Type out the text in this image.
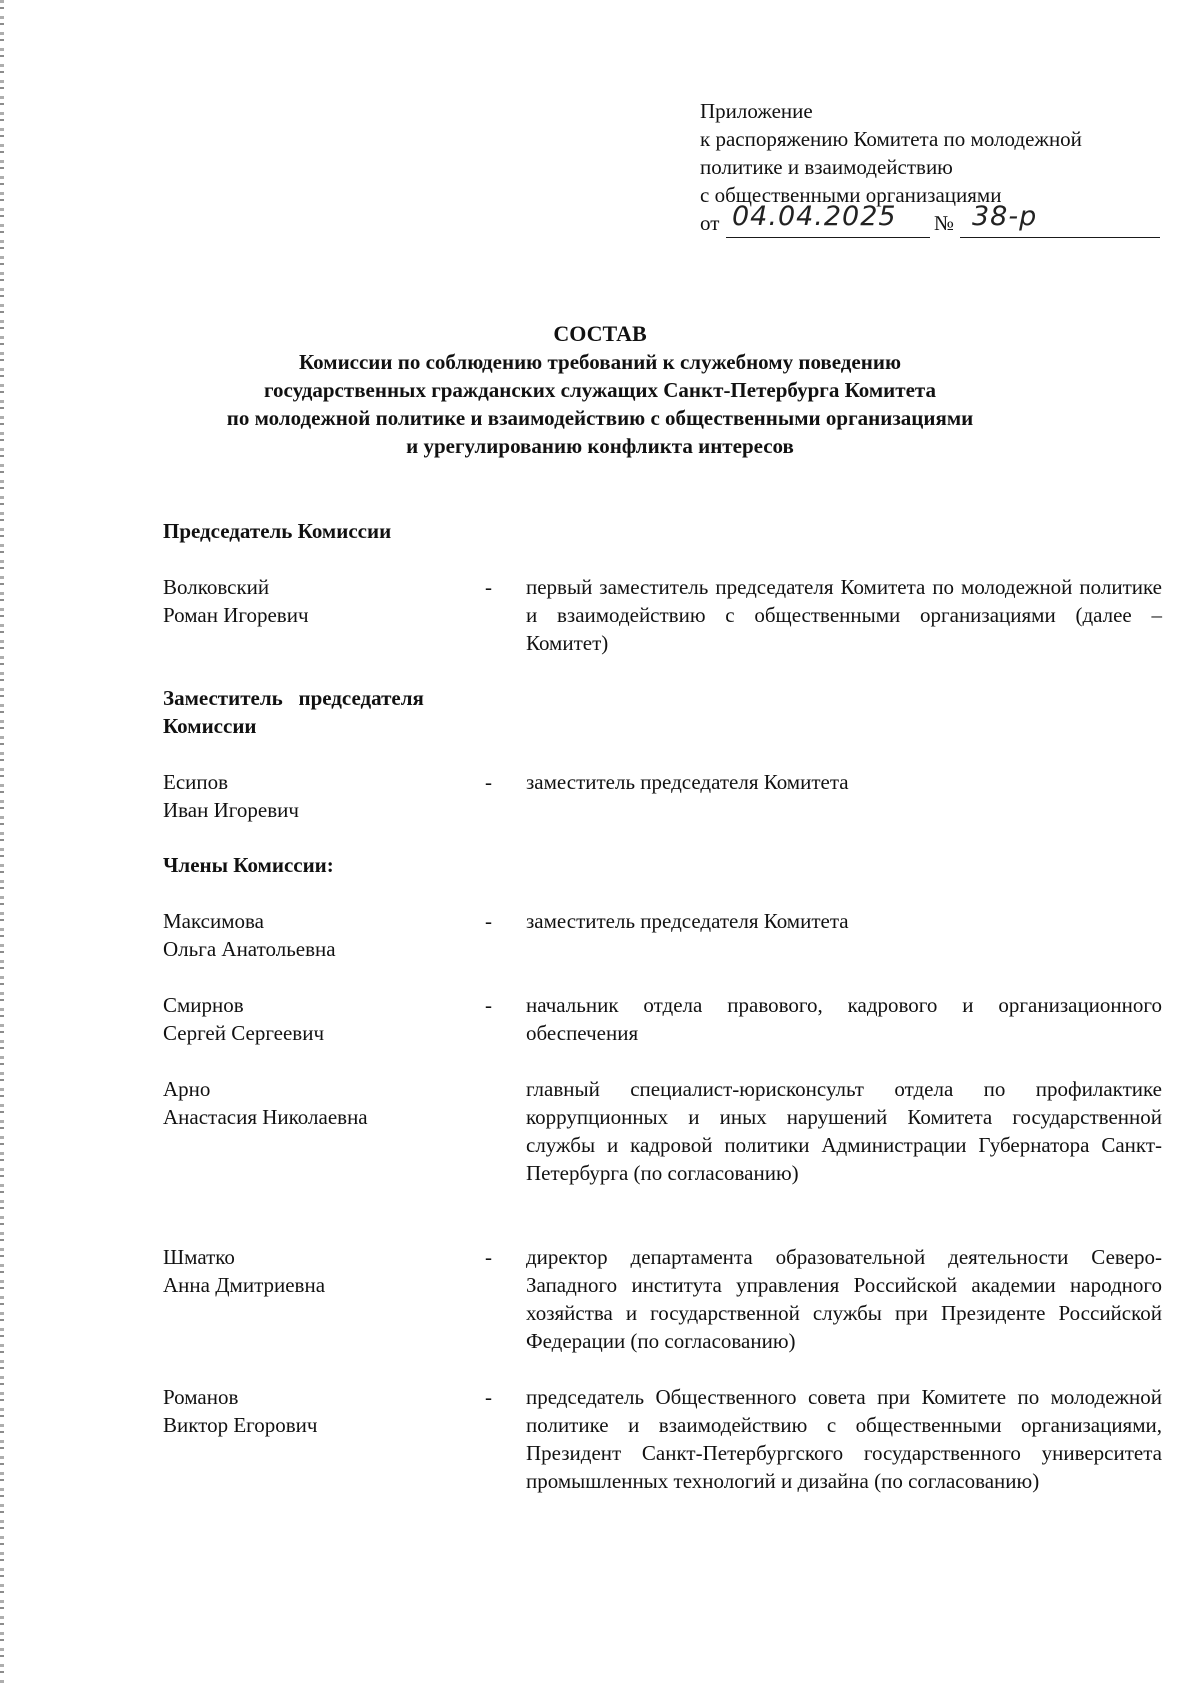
Приложение
к распоряжению Комитета по молодежной
политике и взаимодействию
с общественными организациями
от 04.04.2025 № 38-р
СОСТАВ
Комиссии по соблюдению требований к служебному поведению
государственных гражданских служащих Санкт-Петербурга Комитета
по молодежной политике и взаимодействию с общественными организациями
и урегулированию конфликта интересов
Председатель Комиссии
Волковский
Роман Игоревич
- первый заместитель председателя Комитета по молодежной политике и взаимодействию с общественными организациями (далее – Комитет)
Заместитель   председателя
Комиссии
Есипов
Иван Игоревич
- заместитель председателя Комитета
Члены Комиссии:
Максимова
Ольга Анатольевна
- заместитель председателя Комитета
Смирнов
Сергей Сергеевич
- начальник отдела правового, кадрового и организационного обеспечения
Арно
Анастасия Николаевна
главный специалист-юрисконсульт отдела по профилактике коррупционных и иных нарушений Комитета государственной службы и кадровой политики Администрации Губернатора Санкт-Петербурга (по согласованию)
Шматко
Анна Дмитриевна
- директор департамента образовательной деятельности Северо-Западного института управления Российской академии народного хозяйства и государственной службы при Президенте Российской Федерации (по согласованию)
Романов
Виктор Егорович
- председатель Общественного совета при Комитете по молодежной политике и взаимодействию с общественными организациями, Президент Санкт-Петербургского государственного университета промышленных технологий и дизайна (по согласованию)
